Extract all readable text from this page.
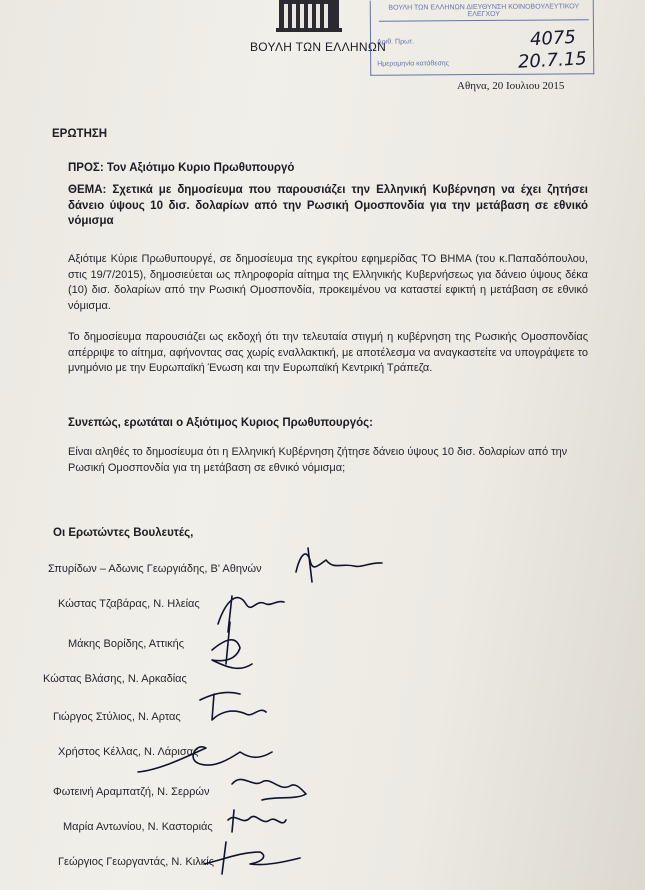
ΒΟΥΛΗ ΤΩΝ ΕΛΛΗΝΩΝ
ΒΟΥΛΗ ΤΩΝ ΕΛΛΗΝΩΝ ΔΙΕΥΘΥΝΣΗ ΚΟΙΝΟΒΟΥΛΕΥΤΙΚΟΥ ΕΛΕΓΧΟΥ
Αριθ. Πρωτ.
Ημερομηνία κατάθεσης
4075
20.7.15
Αθηνα, 20 Ιουλιου 2015
ΕΡΩΤΗΣΗ
ΠΡΟΣ: Τον Αξιότιμο Κυριο Πρωθυπουργό
ΘΕΜΑ: Σχετικά με δημοσίευμα που παρουσιάζει την Ελληνική Κυβέρνηση να έχει ζητήσει δάνειο ύψους 10 δισ. δολαρίων από την Ρωσική Ομοσπονδία για την μετάβαση σε εθνικό νόμισμα
Αξιότιμε Κύριε Πρωθυπουργέ, σε δημοσίευμα της εγκρίτου εφημερίδας ΤΟ ΒΗΜΑ (του κ.Παπαδόπουλου, στις 19/7/2015), δημοσιεύεται ως πληροφορία αίτημα της Ελληνικής Κυβερνήσεως για δάνειο ύψους δέκα (10) δισ. δολαρίων από την Ρωσική Ομοσπονδία, προκειμένου να καταστεί εφικτή η μετάβαση σε εθνικό νόμισμα.
Το δημοσίευμα παρουσιάζει ως εκδοχή ότι την τελευταία στιγμή η κυβέρνηση της Ρωσικής Ομοσπονδίας απέρριψε το αίτημα, αφήνοντας σας χωρίς εναλλακτική, με αποτέλεσμα να αναγκαστείτε να υπογράψετε το μνημόνιο με την Ευρωπαϊκή Ένωση και την Ευρωπαϊκή Κεντρική Τράπεζα.
Συνεπώς, ερωτάται ο Αξιότιμος Κυριος Πρωθυπουργός:
Είναι αληθές το δημοσίευμα ότι η Ελληνική Κυβέρνηση ζήτησε δάνειο ύψους 10 δισ. δολαρίων από την Ρωσική Ομοσπονδία για τη μετάβαση σε εθνικό νόμισμα;
Οι Ερωτώντες Βουλευτές,
Σπυρίδων – Αδωνις Γεωργιάδης, Β' Αθηνών
Κώστας Τζαβάρας, Ν. Ηλείας
Μάκης Βορίδης, Αττικής
Κώστας Βλάσης, Ν. Αρκαδίας
Γιώργος Στύλιος, Ν. Αρτας
Χρήστος Κέλλας, Ν. Λάρισας
Φωτεινή Αραμπατζή, Ν. Σερρών
Μαρία Αντωνίου, Ν. Καστοριάς
Γεώργιος Γεωργαντάς, Ν. Κιλκίς
